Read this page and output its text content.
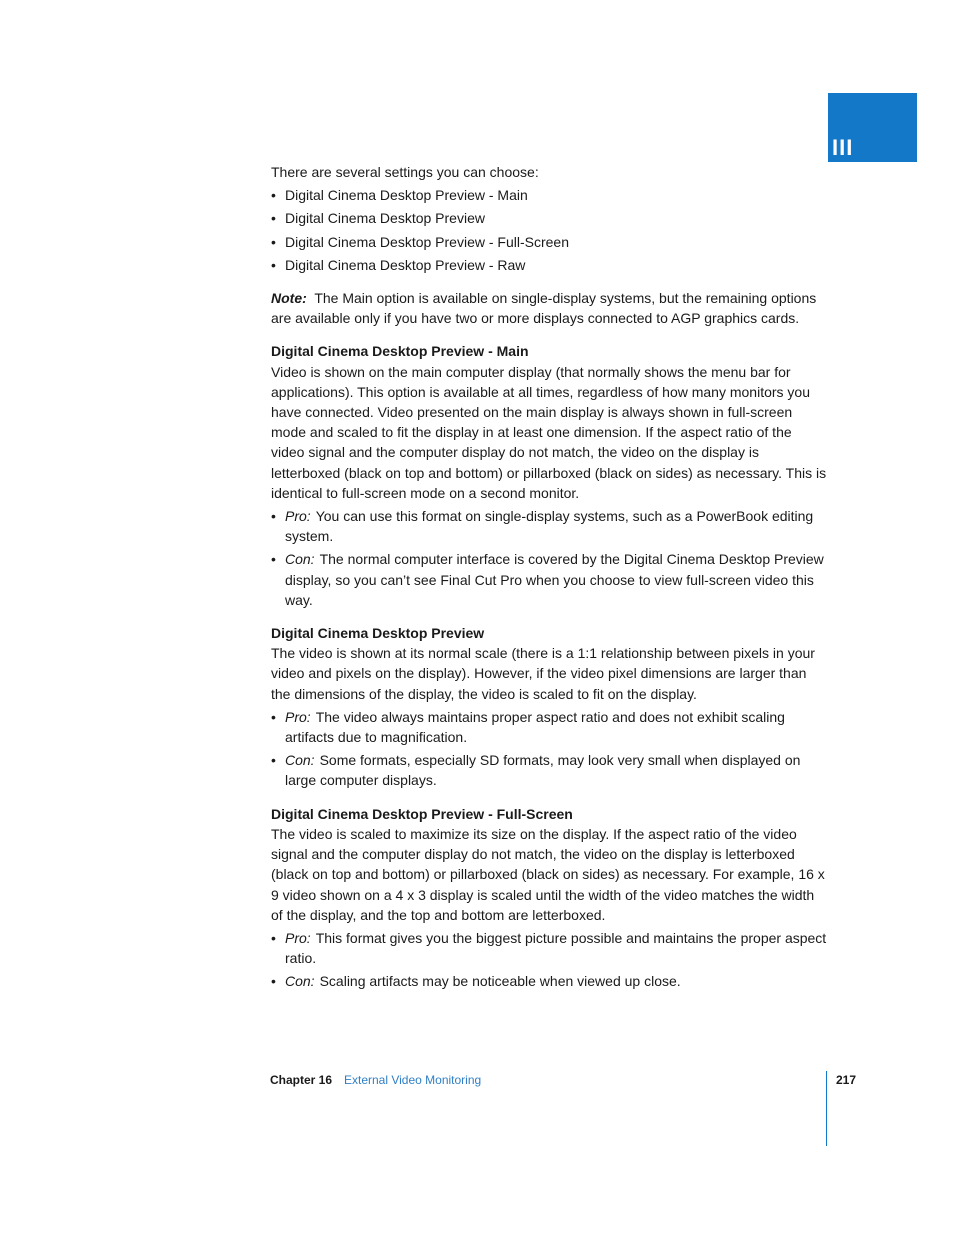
III

There are several settings you can choose:

• Digital Cinema Desktop Preview - Main
• Digital Cinema Desktop Preview
• Digital Cinema Desktop Preview - Full-Screen
• Digital Cinema Desktop Preview - Raw

Note: The Main option is available on single-display systems, but the remaining options are available only if you have two or more displays connected to AGP graphics cards.

Digital Cinema Desktop Preview - Main

Video is shown on the main computer display (that normally shows the menu bar for applications). This option is available at all times, regardless of how many monitors you have connected. Video presented on the main display is always shown in full-screen mode and scaled to fit the display in at least one dimension. If the aspect ratio of the video signal and the computer display do not match, the video on the display is letterboxed (black on top and bottom) or pillarboxed (black on sides) as necessary. This is identical to full-screen mode on a second monitor.

• Pro: You can use this format on single-display systems, such as a PowerBook editing system.
• Con: The normal computer interface is covered by the Digital Cinema Desktop Preview display, so you can’t see Final Cut Pro when you choose to view full-screen video this way.
Digital Cinema Desktop Preview

The video is shown at its normal scale (there is a 1:1 relationship between pixels in your video and pixels on the display). However, if the video pixel dimensions are larger than the dimensions of the display, the video is scaled to fit on the display.

• Pro: The video always maintains proper aspect ratio and does not exhibit scaling artifacts due to magnification.
• Con: Some formats, especially SD formats, may look very small when displayed on large computer displays.
Digital Cinema Desktop Preview - Full-Screen

The video is scaled to maximize its size on the display. If the aspect ratio of the video signal and the computer display do not match, the video on the display is letterboxed (black on top and bottom) or pillarboxed (black on sides) as necessary. For example, 16 x 9 video shown on a 4 x 3 display is scaled until the width of the video matches the width of the display, and the top and bottom are letterboxed.

• Pro: This format gives you the biggest picture possible and maintains the proper aspect ratio.
• Con: Scaling artifacts may be noticeable when viewed up close.
Chapter 16 External Video Monitoring	217
